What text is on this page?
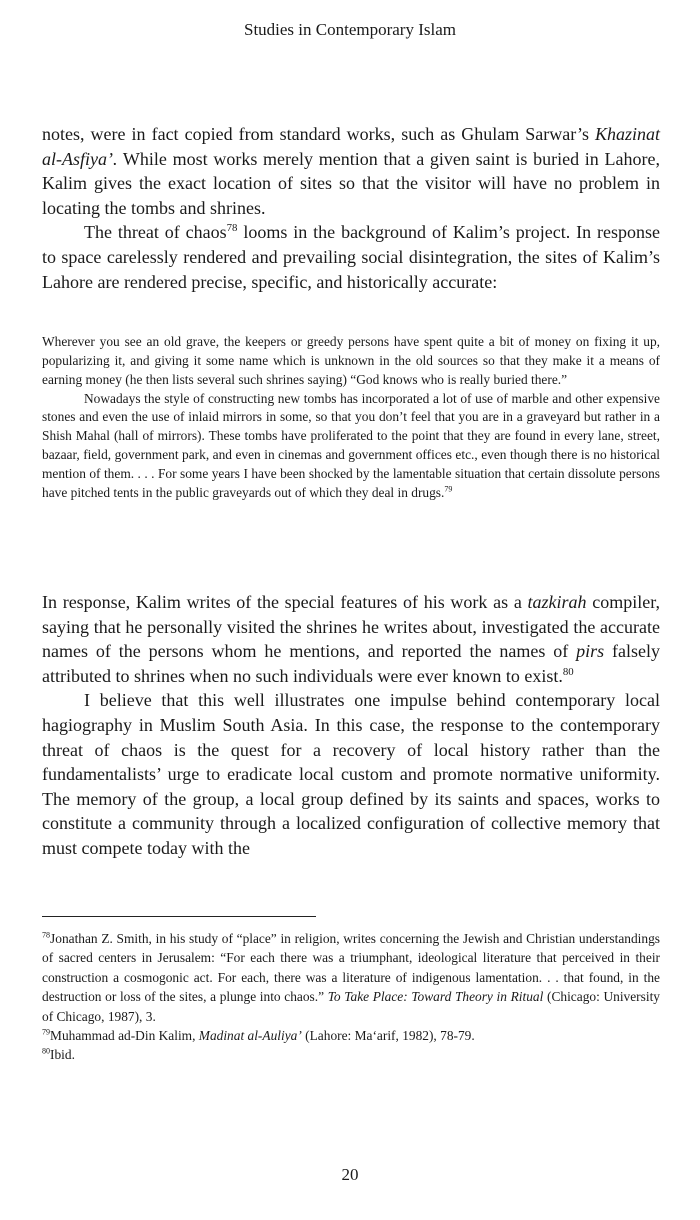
Studies in Contemporary Islam

notes, were in fact copied from standard works, such as Ghulam Sarwar’s Khazinat al-Asfiya’. While most works merely mention that a given saint is buried in Lahore, Kalim gives the exact location of sites so that the visitor will have no problem in locating the tombs and shrines.

The threat of chaos$^{78}$ looms in the background of Kalim’s project. In response to space carelessly rendered and prevailing social disintegration, the sites of Kalim’s Lahore are rendered precise, specific, and historically accurate:

Wherever you see an old grave, the keepers or greedy persons have spent quite a bit of money on fixing it up, popularizing it, and giving it some name which is unknown in the old sources so that they make it a means of earning money (he then lists several such shrines saying) “God knows who is really buried there.”

Nowadays the style of constructing new tombs has incorporated a lot of use of marble and other expensive stones and even the use of inlaid mirrors in some, so that you don’t feel that you are in a graveyard but rather in a Shish Mahal (hall of mirrors). These tombs have proliferated to the point that they are found in every lane, street, bazaar, field, government park, and even in cinemas and government offices etc., even though there is no historical mention of them. . . . For some years I have been shocked by the lamentable situation that certain dissolute persons have pitched tents in the public graveyards out of which they deal in drugs.$^{79}$

In response, Kalim writes of the special features of his work as a tazkirah compiler, saying that he personally visited the shrines he writes about, investigated the accurate names of the persons whom he mentions, and reported the names of pirs falsely attributed to shrines when no such individuals were ever known to exist.$^{80}$

I believe that this well illustrates one impulse behind contemporary local hagiography in Muslim South Asia. In this case, the response to the contemporary threat of chaos is the quest for a recovery of local history rather than the fundamentalists’ urge to eradicate local custom and promote normative uniformity. The memory of the group, a local group defined by its saints and spaces, works to constitute a community through a localized configuration of collective memory that must compete today with the

$^{78}$Jonathan Z. Smith, in his study of “place” in religion, writes concerning the Jewish and Christian understandings of sacred centers in Jerusalem: “For each there was a triumphant, ideological literature that perceived in their construction a cosmogonic act. For each, there was a literature of indigenous lamentation. . . that found, in the destruction or loss of the sites, a plunge into chaos.” To Take Place: Toward Theory in Ritual (Chicago: University of Chicago, 1987), 3.

$^{79}$Muhammad ad-Din Kalim, Madinat al-Auliya’ (Lahore: Ma‘arif, 1982), 78-79.

$^{80}$Ibid.

20
